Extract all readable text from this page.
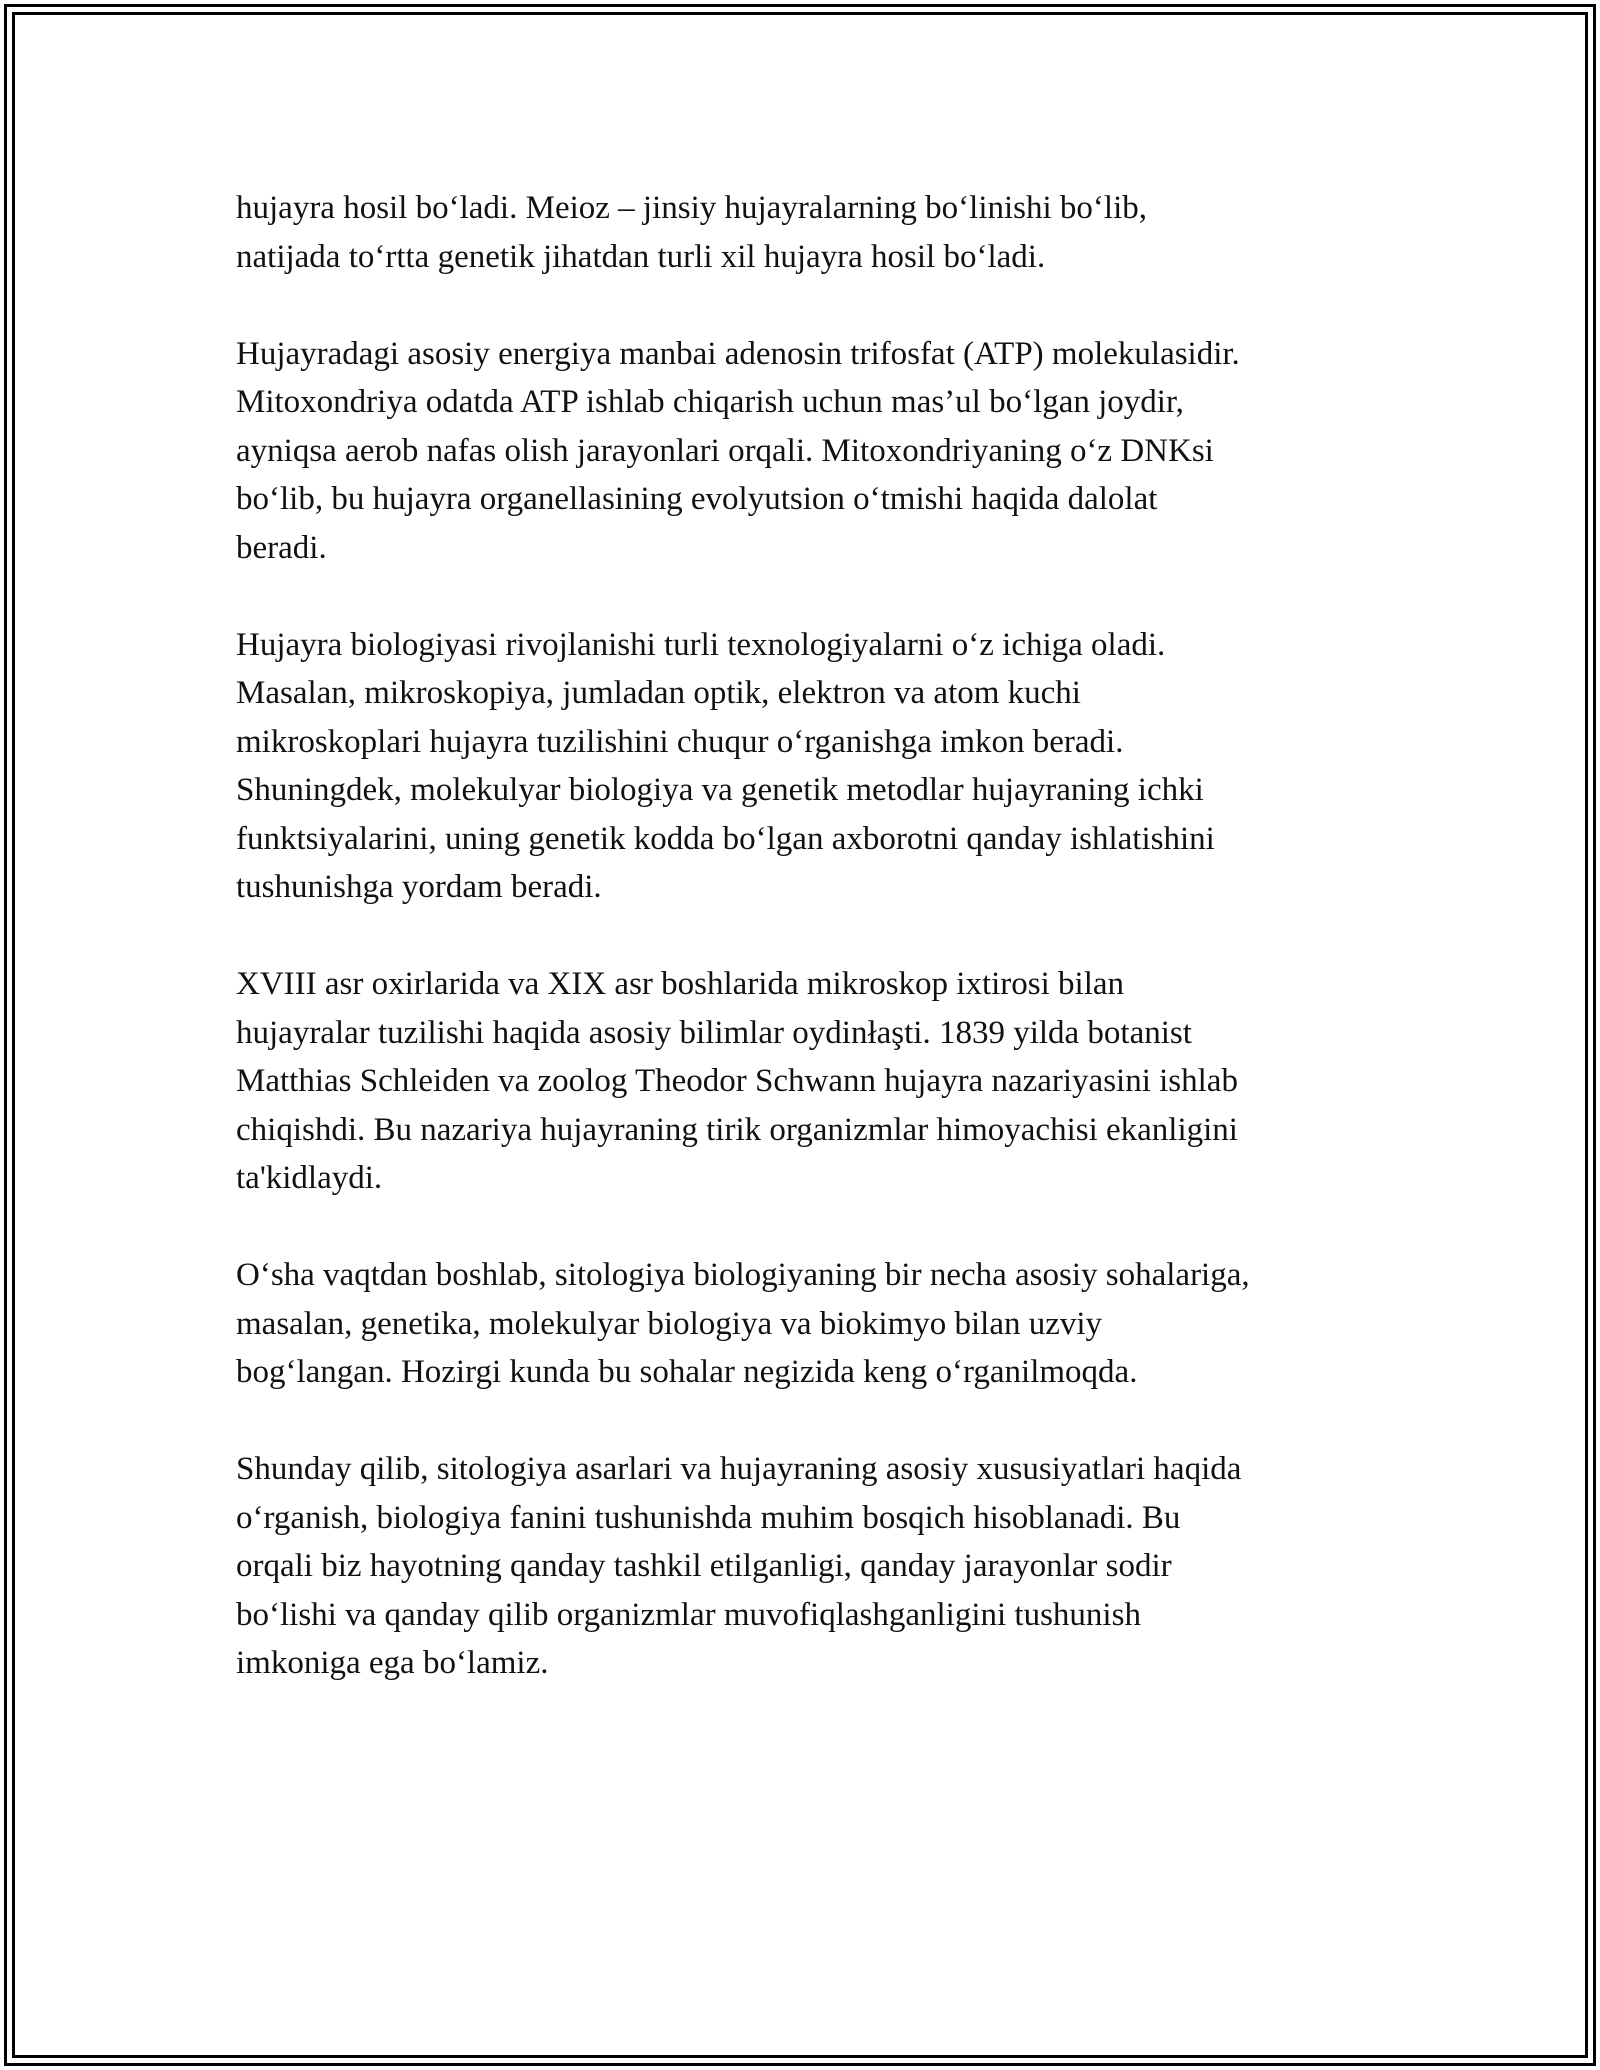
hujayra hosil bo‘ladi. Meioz – jinsiy hujayralarning bo‘linishi bo‘lib,
natijada to‘rtta genetik jihatdan turli xil hujayra hosil bo‘ladi.

Hujayradagi asosiy energiya manbai adenosin trifosfat (ATP) molekulasidir.
Mitoxondriya odatda ATP ishlab chiqarish uchun mas’ul bo‘lgan joydir,
ayniqsa aerob nafas olish jarayonlari orqali. Mitoxondriyaning o‘z DNKsi
bo‘lib, bu hujayra organellasining evolyutsion o‘tmishi haqida dalolat
beradi.

Hujayra biologiyasi rivojlanishi turli texnologiyalarni o‘z ichiga oladi.
Masalan, mikroskopiya, jumladan optik, elektron va atom kuchi
mikroskoplari hujayra tuzilishini chuqur o‘rganishga imkon beradi.
Shuningdek, molekulyar biologiya va genetik metodlar hujayraning ichki
funktsiyalarini, uning genetik kodda bo‘lgan axborotni qanday ishlatishini
tushunishga yordam beradi.

XVIII asr oxirlarida va XIX asr boshlarida mikroskop ixtirosi bilan
hujayralar tuzilishi haqida asosiy bilimlar oydinłaşti. 1839 yilda botanist
Matthias Schleiden va zoolog Theodor Schwann hujayra nazariyasini ishlab
chiqishdi. Bu nazariya hujayraning tirik organizmlar himoyachisi ekanligini
ta'kidlaydi.

O‘sha vaqtdan boshlab, sitologiya biologiyaning bir necha asosiy sohalariga,
masalan, genetika, molekulyar biologiya va biokimyo bilan uzviy
bog‘langan. Hozirgi kunda bu sohalar negizida keng o‘rganilmoqda.

Shunday qilib, sitologiya asarlari va hujayraning asosiy xususiyatlari haqida
o‘rganish, biologiya fanini tushunishda muhim bosqich hisoblanadi. Bu
orqali biz hayotning qanday tashkil etilganligi, qanday jarayonlar sodir
bo‘lishi va qanday qilib organizmlar muvofiqlashganligini tushunish
imkoniga ega bo‘lamiz.
